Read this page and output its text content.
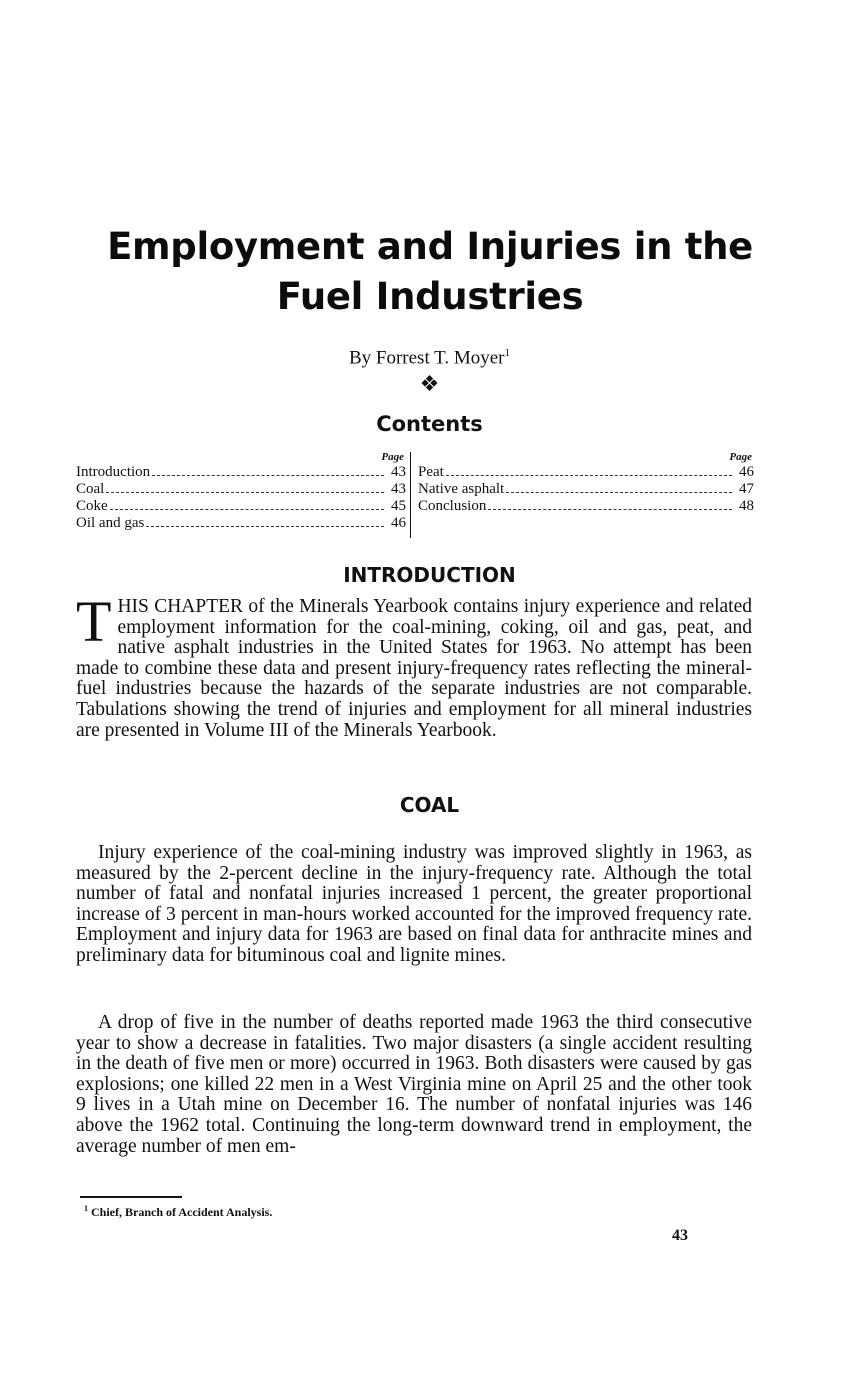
Employment and Injuries in the Fuel Industries
By Forrest T. Moyer$^1$
❖
Contents
Page
Introduction	43
Coal	43
Coke	45
Oil and gas	46
Page
Peat	46
Native asphalt	47
Conclusion	48
INTRODUCTION

THIS CHAPTER of the Minerals Yearbook contains injury experience and related employment information for the coal-mining, coking, oil and gas, peat, and native asphalt industries in the United States for 1963. No attempt has been made to combine these data and present injury-frequency rates reflecting the mineral-fuel industries because the hazards of the separate industries are not comparable. Tabulations showing the trend of injuries and employment for all mineral industries are presented in Volume III of the Minerals Yearbook.

COAL

Injury experience of the coal-mining industry was improved slightly in 1963, as measured by the 2-percent decline in the injury-frequency rate. Although the total number of fatal and nonfatal injuries increased 1 percent, the greater proportional increase of 3 percent in man-hours worked accounted for the improved frequency rate. Employment and injury data for 1963 are based on final data for anthracite mines and preliminary data for bituminous coal and lignite mines.

A drop of five in the number of deaths reported made 1963 the third consecutive year to show a decrease in fatalities. Two major disasters (a single accident resulting in the death of five men or more) occurred in 1963. Both disasters were caused by gas explosions; one killed 22 men in a West Virginia mine on April 25 and the other took 9 lives in a Utah mine on December 16. The number of nonfatal injuries was 146 above the 1962 total. Continuing the long-term downward trend in employment, the average number of men em-

$^1$ Chief, Branch of Accident Analysis.
43
